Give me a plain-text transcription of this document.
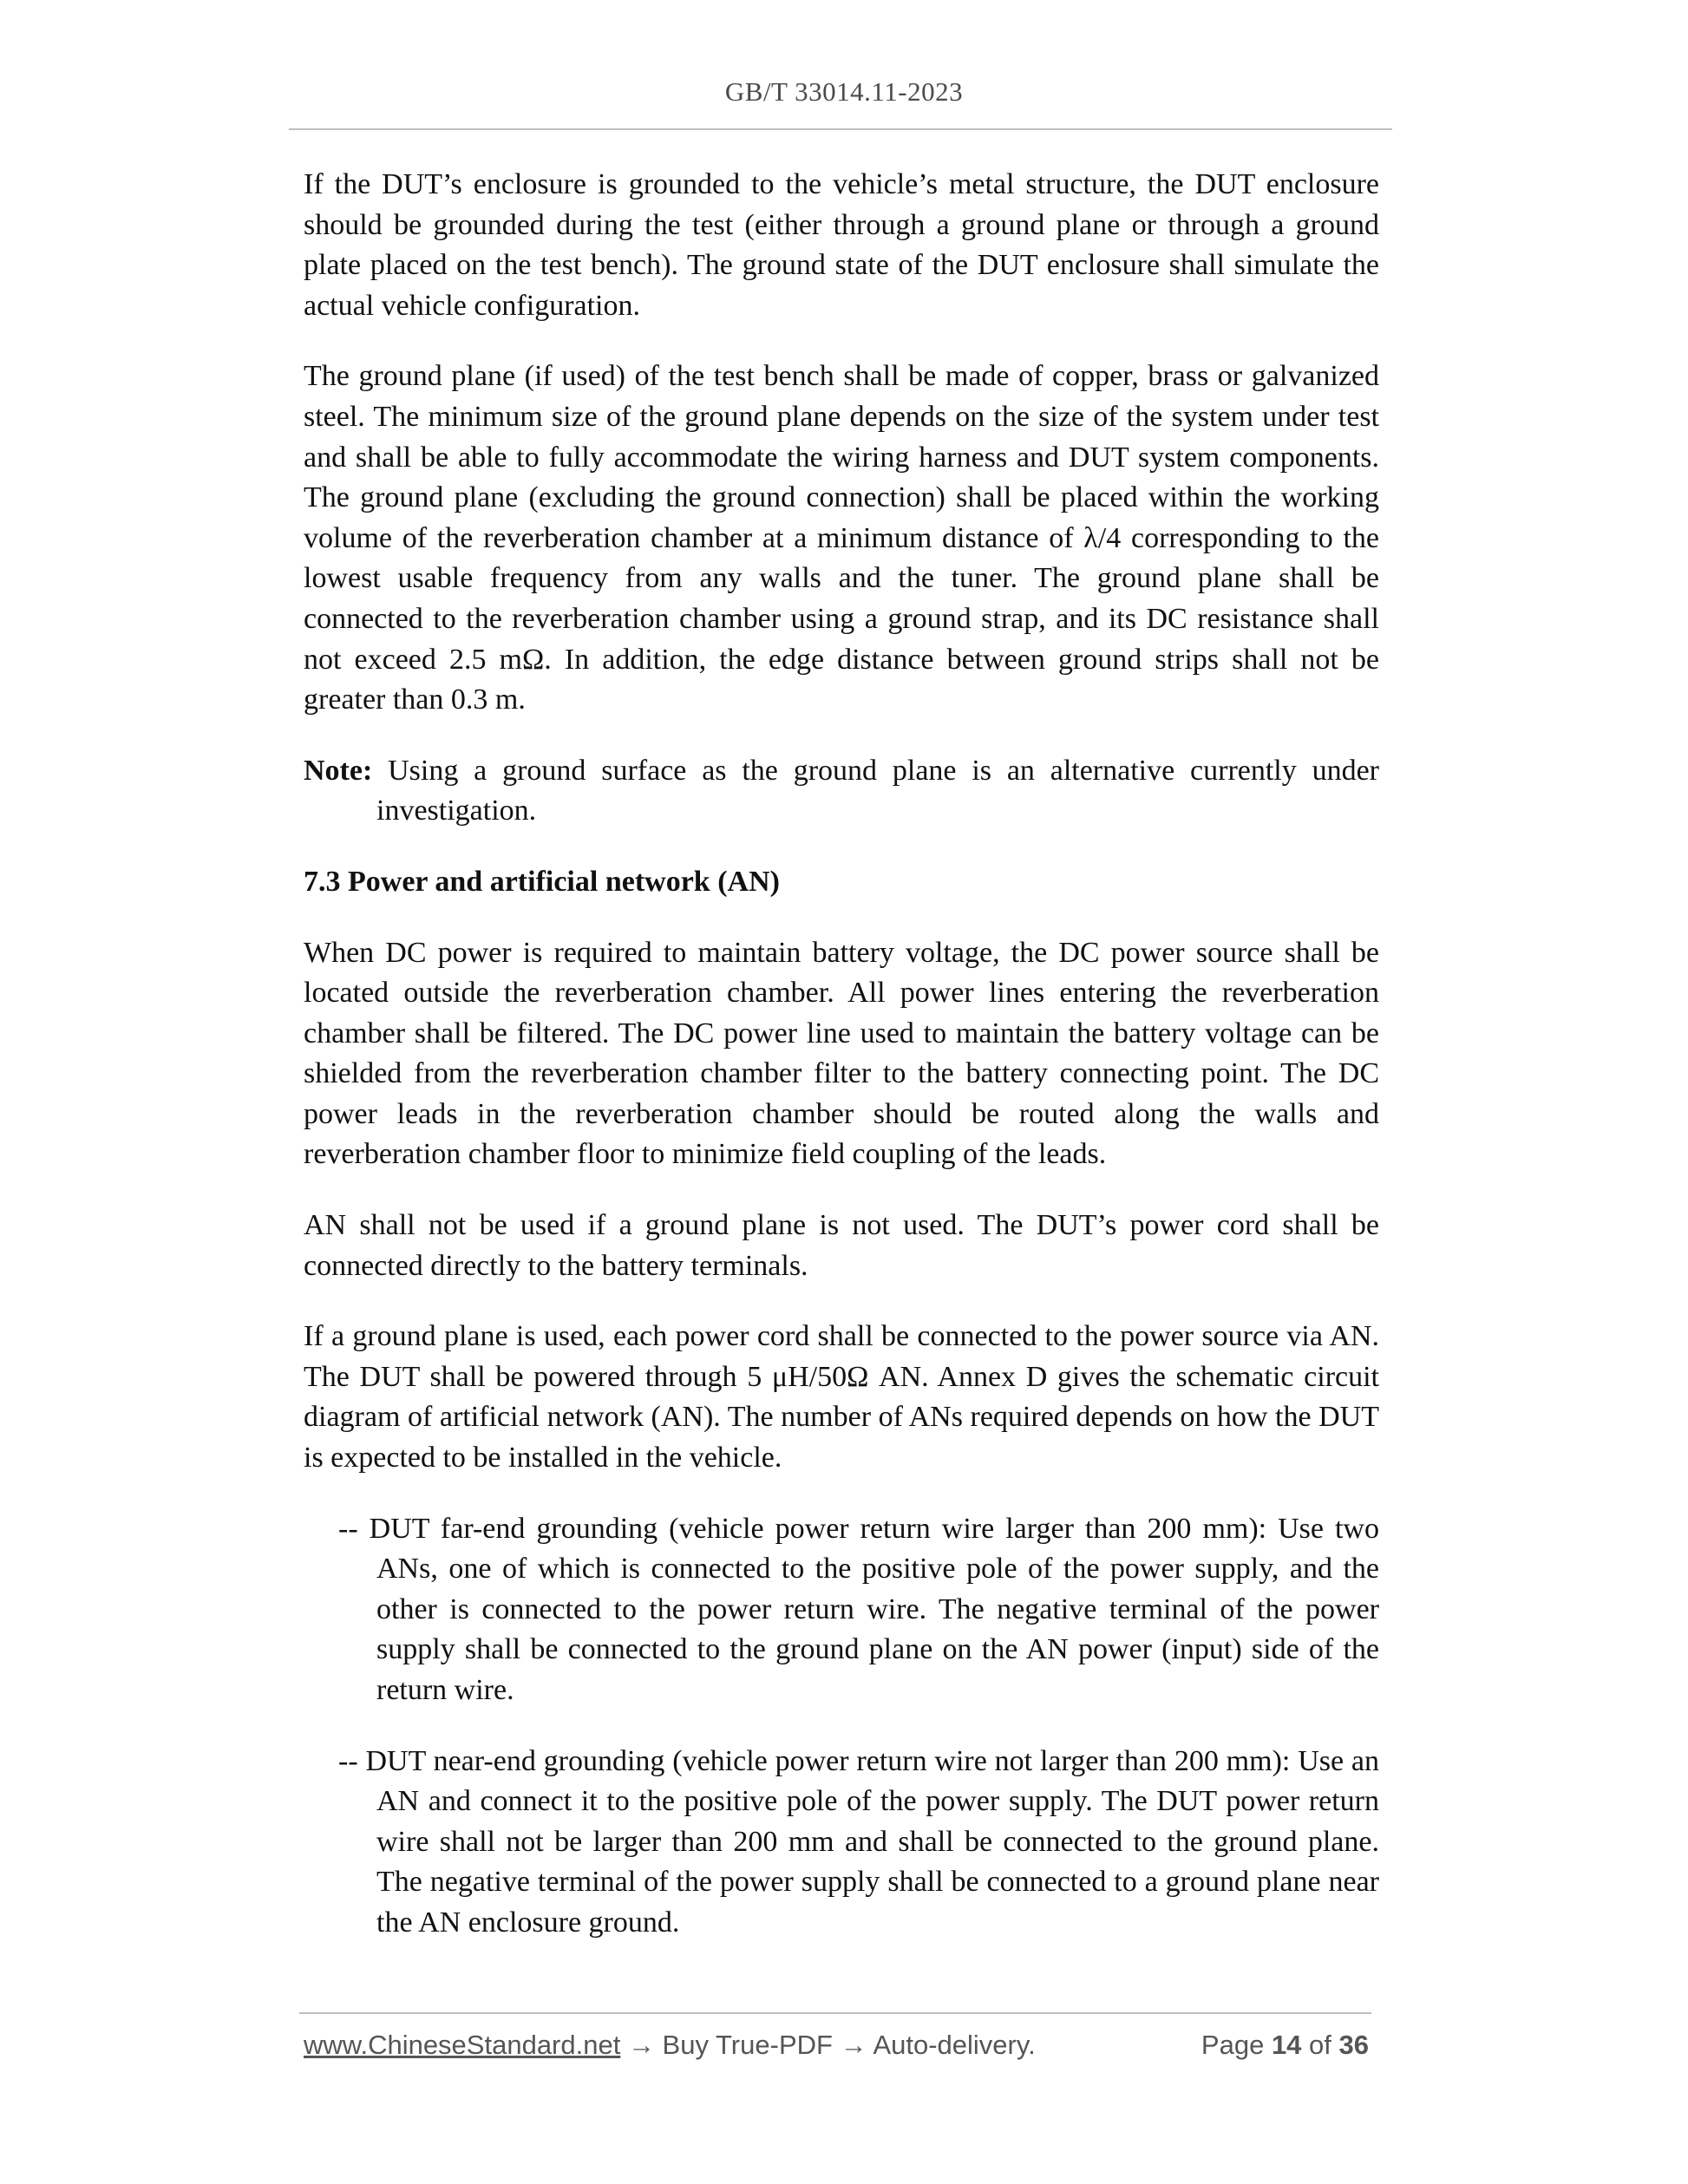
GB/T 33014.11-2023

If the DUT’s enclosure is grounded to the vehicle’s metal structure, the DUT enclosure should be grounded during the test (either through a ground plane or through a ground plate placed on the test bench). The ground state of the DUT enclosure shall simulate the actual vehicle configuration.

The ground plane (if used) of the test bench shall be made of copper, brass or galvanized steel. The minimum size of the ground plane depends on the size of the system under test and shall be able to fully accommodate the wiring harness and DUT system components. The ground plane (excluding the ground connection) shall be placed within the working volume of the reverberation chamber at a minimum distance of λ/4 corresponding to the lowest usable frequency from any walls and the tuner. The ground plane shall be connected to the reverberation chamber using a ground strap, and its DC resistance shall not exceed 2.5 mΩ. In addition, the edge distance between ground strips shall not be greater than 0.3 m.

Note: Using a ground surface as the ground plane is an alternative currently under investigation.

7.3 Power and artificial network (AN)

When DC power is required to maintain battery voltage, the DC power source shall be located outside the reverberation chamber. All power lines entering the reverberation chamber shall be filtered. The DC power line used to maintain the battery voltage can be shielded from the reverberation chamber filter to the battery connecting point. The DC power leads in the reverberation chamber should be routed along the walls and reverberation chamber floor to minimize field coupling of the leads.

AN shall not be used if a ground plane is not used. The DUT’s power cord shall be connected directly to the battery terminals.

If a ground plane is used, each power cord shall be connected to the power source via AN. The DUT shall be powered through 5 μH/50Ω AN. Annex D gives the schematic circuit diagram of artificial network (AN). The number of ANs required depends on how the DUT is expected to be installed in the vehicle.

-- DUT far-end grounding (vehicle power return wire larger than 200 mm): Use two ANs, one of which is connected to the positive pole of the power supply, and the other is connected to the power return wire. The negative terminal of the power supply shall be connected to the ground plane on the AN power (input) side of the return wire.

-- DUT near-end grounding (vehicle power return wire not larger than 200 mm): Use an AN and connect it to the positive pole of the power supply. The DUT power return wire shall not be larger than 200 mm and shall be connected to the ground plane. The negative terminal of the power supply shall be connected to a ground plane near the AN enclosure ground.

www.ChineseStandard.net → Buy True-PDF → Auto-delivery.	Page 14 of 36
